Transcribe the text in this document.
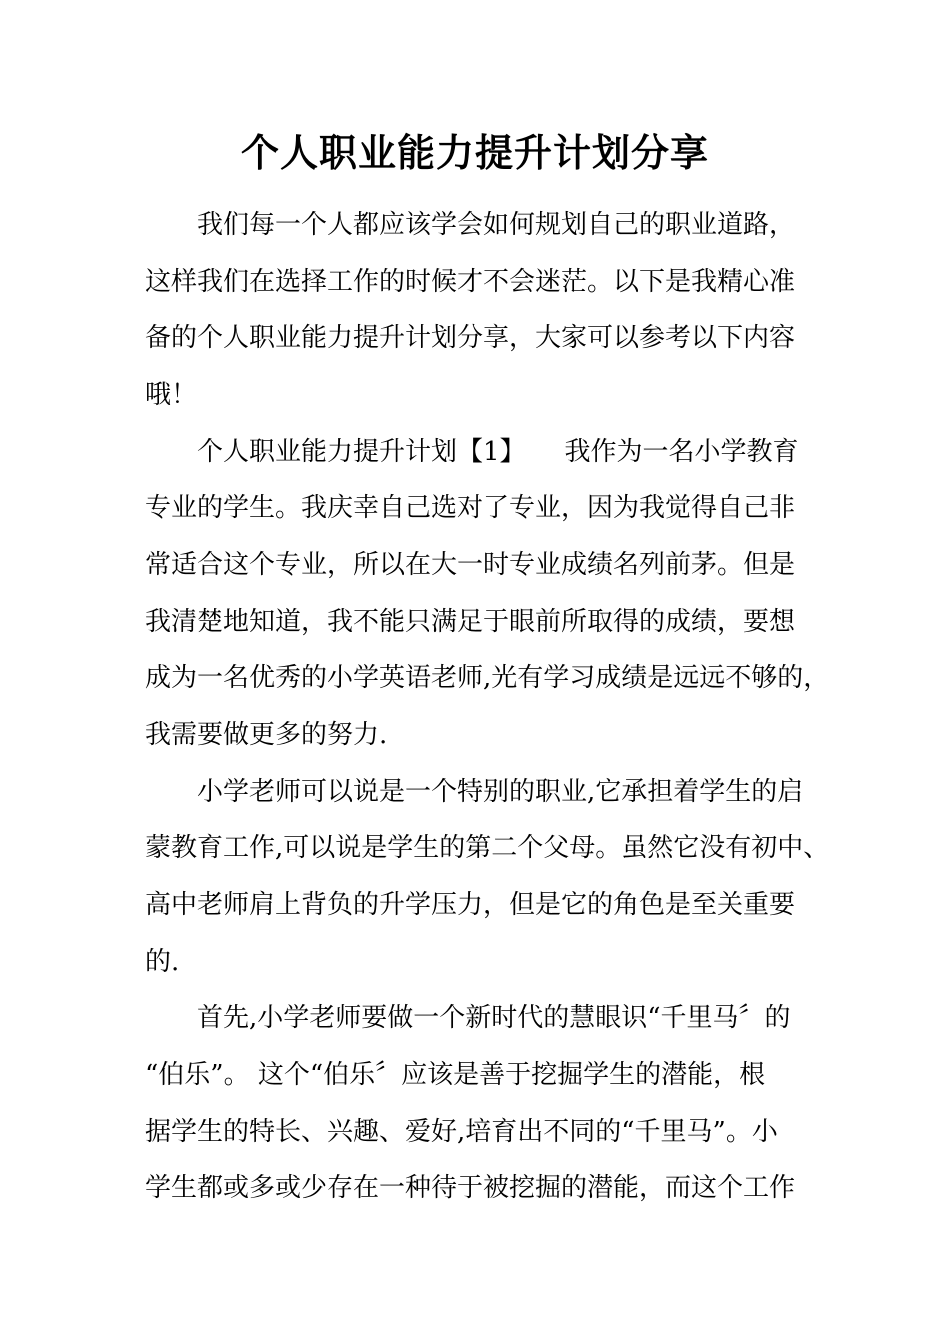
个人职业能力提升计划分享
我们每一个人都应该学会如何规划自己的职业道路，
这样我们在选择工作的时候才不会迷茫。以下是我精心准
备的个人职业能力提升计划分享，大家可以参考以下内容
哦！
个人职业能力提升计划【1】　　我作为一名小学教育
专业的学生。我庆幸自己选对了专业，因为我觉得自己非
常适合这个专业，所以在大一时专业成绩名列前茅。但是
我清楚地知道，我不能只满足于眼前所取得的成绩，要想
成为一名优秀的小学英语老师,光有学习成绩是远远不够的，
我需要做更多的努力.
小学老师可以说是一个特别的职业,它承担着学生的启
蒙教育工作,可以说是学生的第二个父母。虽然它没有初中、
高中老师肩上背负的升学压力，但是它的角色是至关重要
的.
首先,小学老师要做一个新时代的慧眼识“千里马〞的
“伯乐”。 这个“伯乐〞应该是善于挖掘学生的潜能，根
据学生的特长、兴趣、爱好,培育出不同的“千里马”。小
学生都或多或少存在一种待于被挖掘的潜能，而这个工作
